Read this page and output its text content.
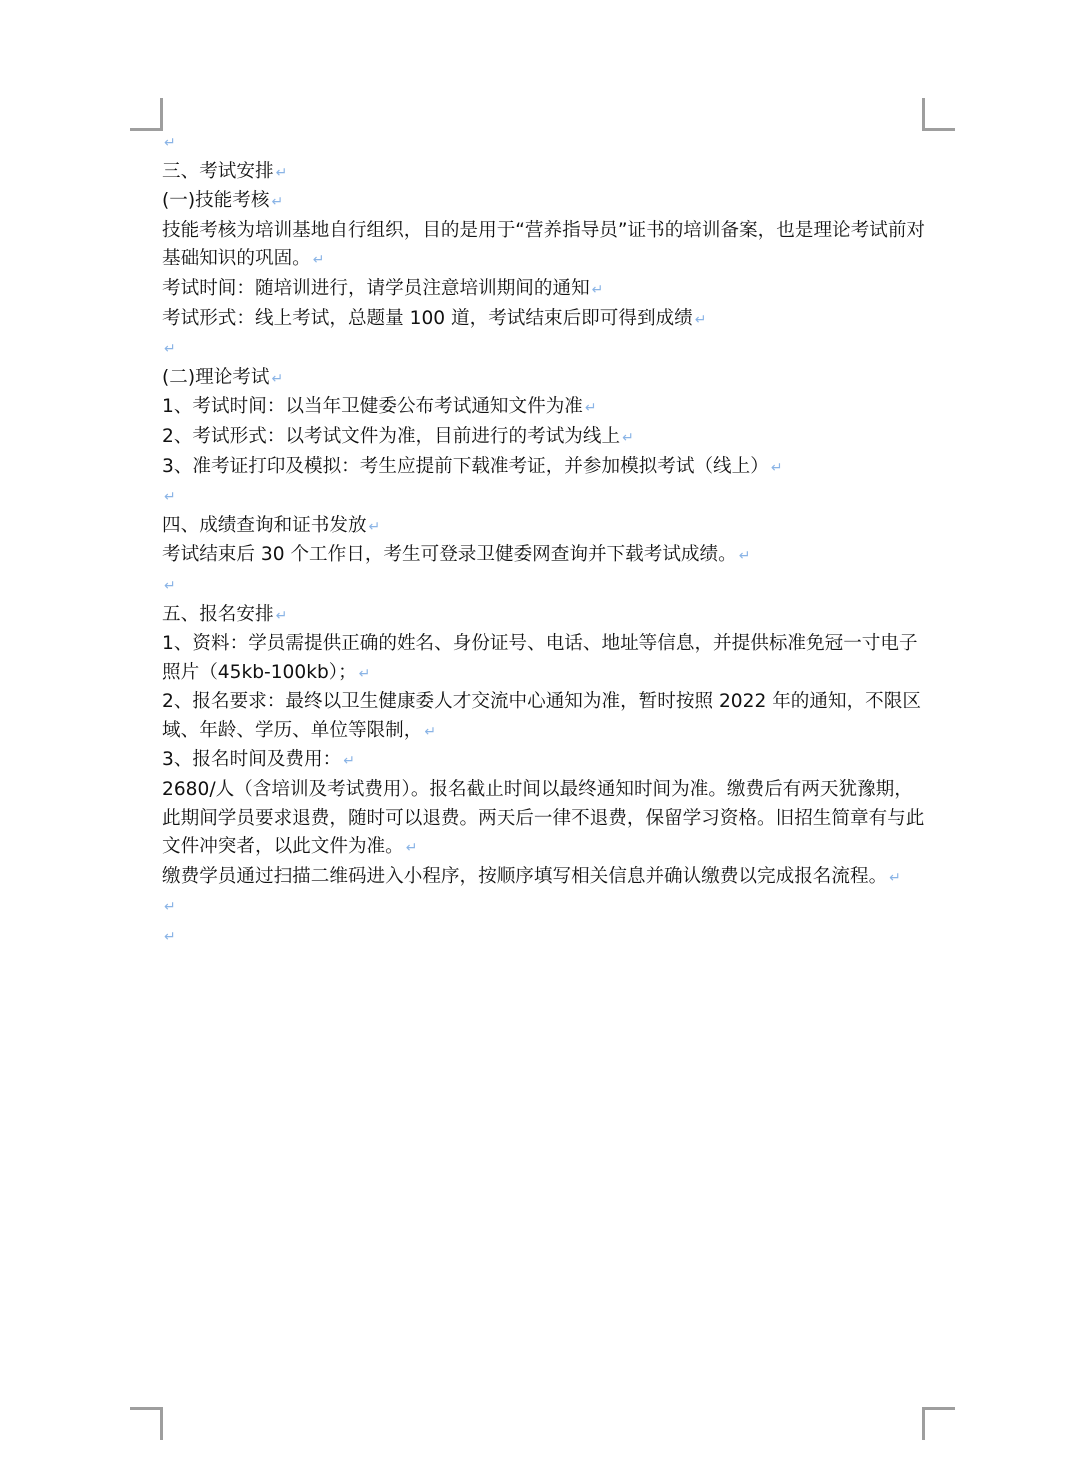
↵

三、考试安排 ↵

(一)技能考核 ↵

技能考核为培训基地自行组织，目的是用于“营养指导员”证书的培训备案，也是理论考试前对基础知识的巩固。 ↵

考试时间：随培训进行，请学员注意培训期间的通知 ↵

考试形式：线上考试，总题量 100 道，考试结束后即可得到成绩 ↵

↵

(二)理论考试 ↵

1、考试时间：以当年卫健委公布考试通知文件为准 ↵

2、考试形式：以考试文件为准，目前进行的考试为线上 ↵

3、准考证打印及模拟：考生应提前下载准考证，并参加模拟考试（线上） ↵

↵

四、成绩查询和证书发放 ↵

考试结束后 30 个工作日，考生可登录卫健委网查询并下载考试成绩。 ↵

↵

五、报名安排 ↵

1、资料：学员需提供正确的姓名、身份证号、电话、地址等信息，并提供标准免冠一寸电子照片（45kb-100kb）； ↵

2、报名要求：最终以卫生健康委人才交流中心通知为准，暂时按照 2022 年的通知，不限区域、年龄、学历、单位等限制， ↵

3、报名时间及费用： ↵

2680/人（含培训及考试费用）。报名截止时间以最终通知时间为准。缴费后有两天犹豫期，此期间学员要求退费，随时可以退费。两天后一律不退费，保留学习资格。旧招生简章有与此文件冲突者，以此文件为准。 ↵

缴费学员通过扫描二维码进入小程序，按顺序填写相关信息并确认缴费以完成报名流程。 ↵

↵

↵
